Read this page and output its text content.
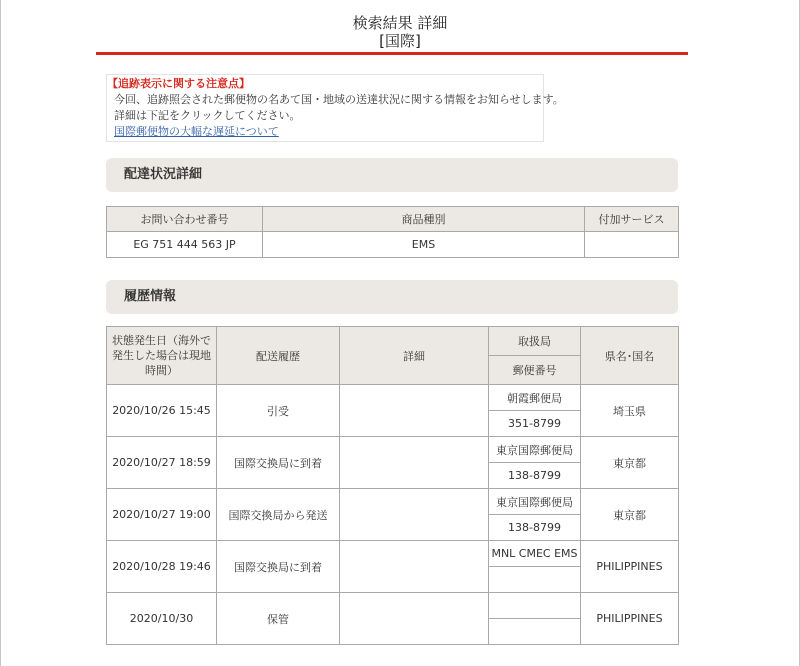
検索結果 詳細
[国際]
【追跡表示に関する注意点】
今回、追跡照会された郵便物の名あて国・地域の送達状況に関する情報をお知らせします。
詳細は下記をクリックしてください。
国際郵便物の大幅な遅延について
配達状況詳細
お問い合わせ番号	商品種別	付加サービス
EG 751 444 563 JP	EMS	
履歴情報
状態発生日（海外で発生した場合は現地時間）	配送履歴	詳細	取扱局	県名･国名
			郵便番号	
2020/10/26 15:45	引受		朝霞郵便局
351-8799	埼玉県
2020/10/27 18:59	国際交換局に到着		東京国際郵便局
138-8799	東京都
2020/10/27 19:00	国際交換局から発送		東京国際郵便局
138-8799	東京都
2020/10/28 19:46	国際交換局に到着		MNL CMEC EMS	PHILIPPINES
2020/10/30	保管			PHILIPPINES
